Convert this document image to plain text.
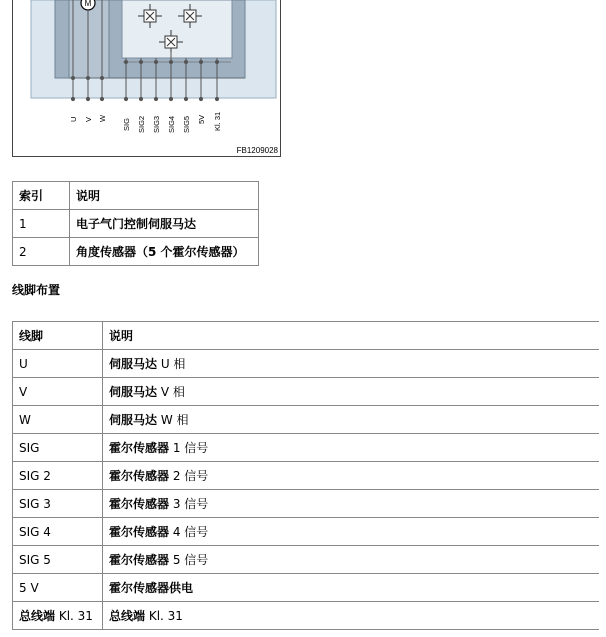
M
U V W SIG SIG2 SIG3 SIG4 SIG5 5V Kl. 31
FB1209028
索引	说明
1	电子气门控制伺服马达
2	角度传感器（5 个霍尔传感器）
线脚布置
线脚	说明
U	伺服马达 U 相
V	伺服马达 V 相
W	伺服马达 W 相
SIG	霍尔传感器 1 信号
SIG 2	霍尔传感器 2 信号
SIG 3	霍尔传感器 3 信号
SIG 4	霍尔传感器 4 信号
SIG 5	霍尔传感器 5 信号
5 V	霍尔传感器供电
总线端 Kl. 31	总线端 Kl. 31
